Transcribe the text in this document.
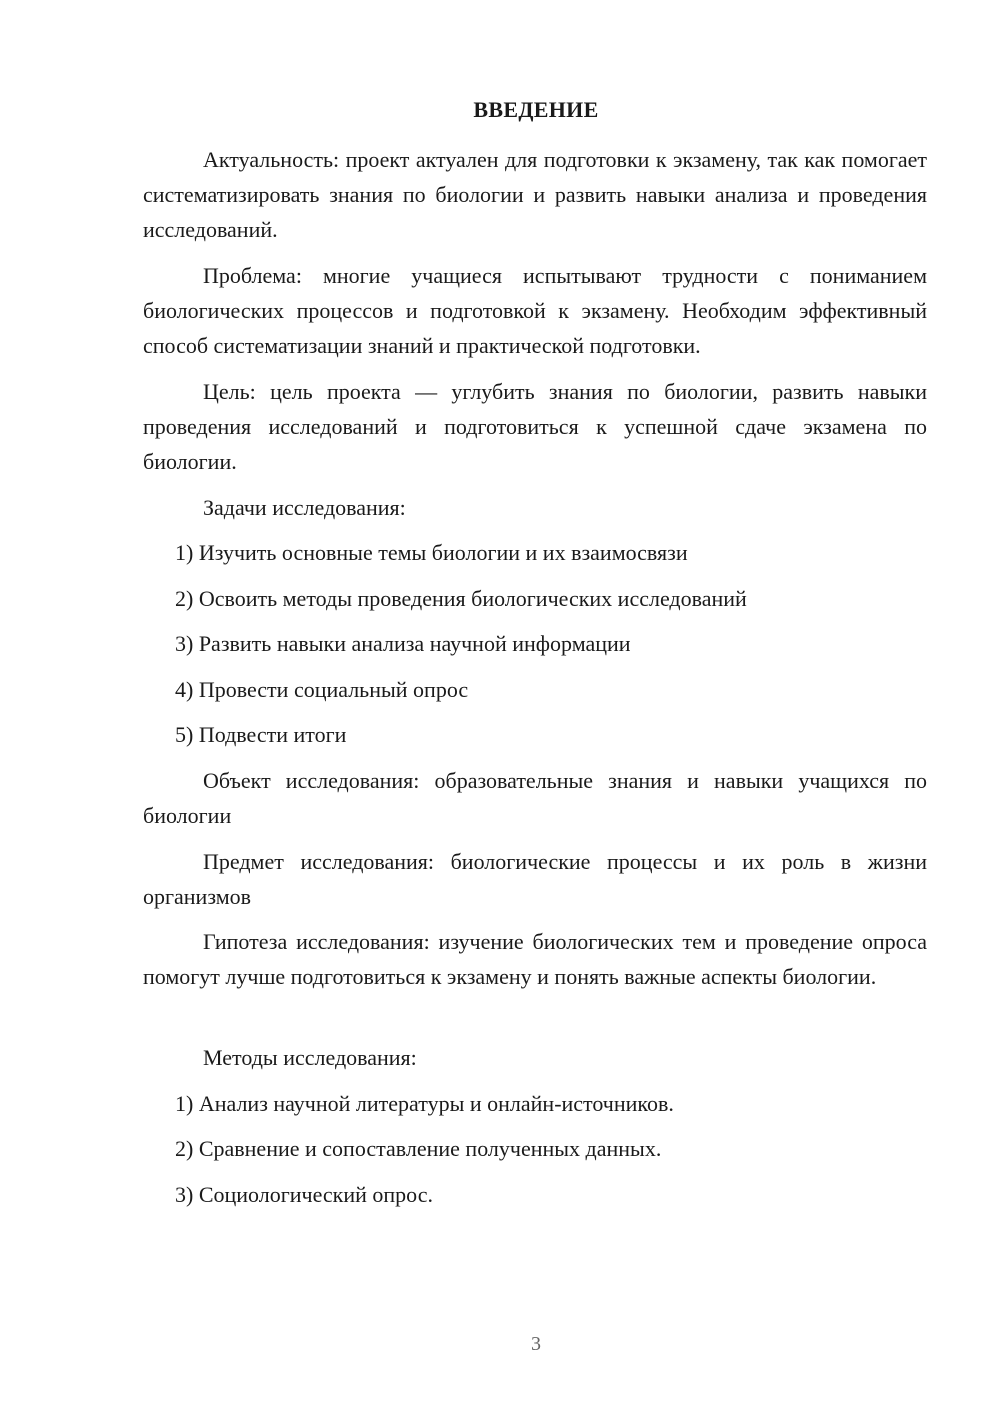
ВВЕДЕНИЕ

Актуальность: проект актуален для подготовки к экзамену, так как помогает систематизировать знания по биологии и развить навыки анализа и проведения исследований.

Проблема: многие учащиеся испытывают трудности с пониманием биологических процессов и подготовкой к экзамену. Необходим эффективный способ систематизации знаний и практической подготовки.

Цель: цель проекта — углубить знания по биологии, развить навыки проведения исследований и подготовиться к успешной сдаче экзамена по биологии.

Задачи исследования:

1) Изучить основные темы биологии и их взаимосвязи

2) Освоить методы проведения биологических исследований

3) Развить навыки анализа научной информации

4) Провести социальный опрос

5) Подвести итоги

Объект исследования: образовательные знания и навыки учащихся по биологии

Предмет исследования: биологические процессы и их роль в жизни организмов

Гипотеза исследования: изучение биологических тем и проведение опроса помогут лучше подготовиться к экзамену и понять важные аспекты биологии.

Методы исследования:

1) Анализ научной литературы и онлайн-источников.

2) Сравнение и сопоставление полученных данных.

3) Социологический опрос.

3
